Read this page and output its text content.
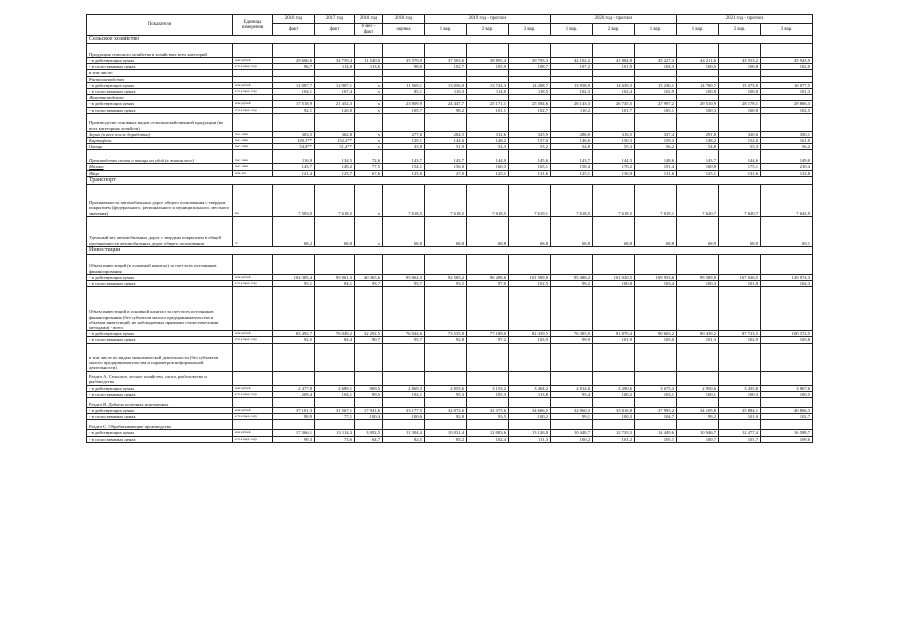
Показатели	Единица измерения	2016 год	2017 год	2018 год	2018 год	2019 год - прогноз			2020 год - прогноз			2021 год - прогноз		
		факт	факт	6 мес - факт	оценка	1 вар.	2 вар.	3 вар.	1 вар.	2 вар.	1 вар.	1 вар.	2 вар.	3 вар.
Сельское хозяйство														
Продукция сельского хозяйства в хозяйствах всех категорий														
- в действующих ценах	млн рублей	29 606,6	34 759,4	11 540,0	35 579,0	37 503,6	38 895,4	39 793,3	42 102,2	41 884,8	43 227,3	44 211,6	43 553,2	45 943,9
- в сопоставимых ценах	в % к пред. году	96,7	114,8	113,6	98,0	102,7	105,9	108,7	107,2	101,9	104,3	100,5	100,8	102,0
в том числе:														
Растениеводство														
- в действующих ценах	млн рублей	12 087,7	12 907,1	x	11 569,1	13 056,0	13 724,3	14 208,7	13 958,9	14 639,3	15 230,1	14 700,7	15 375,0	16 077,5
- в сопоставимых ценах	в % к пред. году	104,1	107,4	x	85,1	110,3	114,0	118,5	102,3	102,4	102,9	100,8	100,8	101,3
Животноводство														
- в действующих ценах	млн рублей	17 518,9	21 452,3	x	23 809,9	24 447,7	25 171,1	25 584,6	28 143,3	26 745,5	27 997,2	29 510,9	28 178,1	29 866,3
- в сопоставимых ценах	в % к пред. году	92,1	120,0	x	105,7	98,2	101,1	102,7	110,2	101,7	105,1	100,3	100,8	102,5
Производство основных видов сельскохозяйственной продукции (во всех категориях хозяйств)														
Зерно (в весе после доработки)	тыс. тонн	303,5	362,8	x	277,0	284,5	312,6	325,9	288,0	316,5	337,4	291,8	320,6	350,1
Картофель	тыс. тонн	129,1**	152,2**	x	129,1	144,6	148,2	157,0	146,6	150,3	159,3	148,2	152,0	161,0
Овощи	тыс. тонн	54,8**	51,4**	x	43,8	51,9	52,3	53,2	54,8	55,3	56,2	54,8	55,3	56,2
Производство скота и птицы на убой (в живом весе)	тыс. тонн	116,9	134,5	72,6	143,7	143,7	144,0	145,6	143,7	144,3	148,6	143,7	144,6	149,0
Молоко	тыс. тонн	143,7	149,2	77,5	154,1	156,0	160,3	165,1	158,4	170,2	191,4	160,8	175,1	210,4
Яйца	млн. шт.	121,4	123,7	67,6	125,0	27,0	125,1	131,6	125,1	130,9	131,6	125,1	131,6	132,8
Транспорт														
Протяженность автомобильных дорог общего пользования с твердым покрытием (федерального, регионального и муниципального, местного значения)	км	7 503,0	7 618,5	x	7 618,5	7 618,5	7 618,5	7 619,1	7 618,5	7 618,5	7 619,1	7 620,7	7 620,7	7 642,9
Удельный вес автомобильных дорог с твердым покрытием в общей протяженности автомобильных дорог общего пользования	%	68,2	68,8	x	68,8	68,8	68,8	68,8	68,8	68,8	68,8	68,9	68,9	69,1
Инвестиции														
Объем инвестиций (в основной капитал) за счет всех источников финансирования														
- в действующих ценах	млн рублей	104 385,4	95 061,5	40 365,6	95 062,3	92 585,2	96 288,6	101 589,8	95 488,2	101 020,5	109 953,6	99 589,8	107 026,5	120 074,3
- в сопоставимых ценах	в % к пред. году	95,1	84,1	93,7	95,7	93,5	97,0	102,5	99,2	100,8	103,4	100,3	101,8	104,3
Объем инвестиций в основной капитал за счет всех источников финансирования (без субъектов малого предпринимательства и объемов инвестиций, не наблюдаемых прямыми статистическими методами) - всего														
- в действующих ценах	млн рублей	83 492,7	76 049,2	32 292,5	76 044,6	73 535,8	77 189,0	82 439,5	76 385,9	81 870,4	90 603,2	80 439,2	87 723,3	100 372,5
- в сопоставимых ценах	в % к пред. году	92,5	84,4	90,7	95,7	92,8	97,2	103,9	99,9	101,9	105,0	101,3	102,9	105,8
в том числе по видам экономической деятельности (без субъектов малого предпринимательства и параметров неформальной деятельности)														
Раздел А. Сельское, лесное хозяйство, охота, рыболовство и рыбоводство														
- в действующих ценах	млн рублей	2 477,8	2 689,1	969,5	2 869,3	2 855,6	3 153,2	3 404,2	2 814,6	3 290,6	3 675,3	2 950,6	3 435,8	3 867,6
- в сопоставимых ценах	в % к пред. году	209,4	104,1	89,5	102,1	95,3	105,3	113,8	95,4	100,2	103,1	100,1	100,3	100,5
Раздел В. Добыча полезных ископаемых														
- в действующих ценах	млн рублей	37 101,3	31 567,1	17 941,6	33 177,5	32 072,6	32 375,6	34 666,5	32 060,3	33 816,8	37 995,2	34 105,8	35 884,1	40 866,3
- в сопоставимых ценах	в % к пред. году	99,9	77,1	100,4	100,6	92,8	93,5	100,2	99,1	100,3	104,7	99,2	101,0	102,7
Раздел С. Обрабатывающие производства														
- в действующих ценах	млн рублей	17 366,1	13 114,3	3 092,5	11 304,4	10 031,4	12 083,6	13 126,8	10 448,7	12 735,5	14 449,6	10 946,7	12 477,4	16 588,7
- в сопоставимых ценах	в % к пред. году	99,3	73,6	64,7	82,5	85,2	102,4	111,3	100,2	101,2	105,1	100,7	101,7	109,6
